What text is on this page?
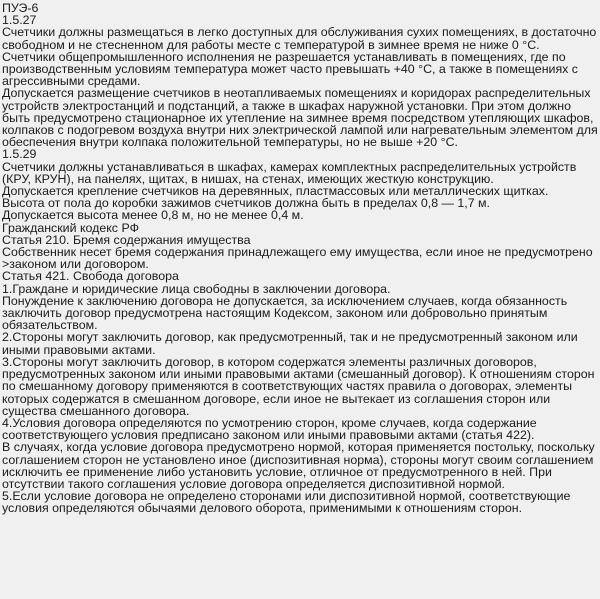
ПУЭ-6

1.5.27

Счетчики должны размещаться в легко доступных для обслуживания сухих помещениях, в достаточно свободном и не стесненном для работы месте с температурой в зимнее время не ниже 0 °С.

Счетчики общепромышленного исполнения не разрешается устанавливать в помещениях, где по производственным условиям температура может часто превышать +40 °С, а также в помещениях с агрессивными средами.

Допускается размещение счетчиков в неотапливаемых помещениях и коридорах распределительных устройств электростанций и подстанций, а также в шкафах наружной установки. При этом должно быть предусмотрено стационарное их утепление на зимнее время посредством утепляющих шкафов, колпаков с подогревом воздуха внутри них электрической лампой или нагревательным элементом для обеспечения внутри колпака положительной температуры, но не выше +20 °С.

1.5.29

Счетчики должны устанавливаться в шкафах, камерах комплектных распределительных устройств (КРУ, КРУН), на панелях, щитах, в нишах, на стенах, имеющих жесткую конструкцию.

Допускается крепление счетчиков на деревянных, пластмассовых или металлических щитках.

Высота от пола до коробки зажимов счетчиков должна быть в пределах 0,8 — 1,7 м.

Допускается высота менее 0,8 м, но не менее 0,4 м.

Гражданский кодекс РФ

Статья 210. Бремя содержания имущества

Собственник несет бремя содержания принадлежащего ему имущества, если иное не предусмотрено >законом или договором.

Статья 421. Свобода договора

1.Граждане и юридические лица свободны в заключении договора.

Понуждение к заключению договора не допускается, за исключением случаев, когда обязанность заключить договор предусмотрена настоящим Кодексом, законом или добровольно принятым обязательством.

2.Стороны могут заключить договор, как предусмотренный, так и не предусмотренный законом или иными правовыми актами.

3.Стороны могут заключить договор, в котором содержатся элементы различных договоров, предусмотренных законом или иными правовыми актами (смешанный договор). К отношениям сторон по смешанному договору применяются в соответствующих частях правила о договорах, элементы которых содержатся в смешанном договоре, если иное не вытекает из соглашения сторон или существа смешанного договора.

4.Условия договора определяются по усмотрению сторон, кроме случаев, когда содержание соответствующего условия предписано законом или иными правовыми актами (статья 422).

В случаях, когда условие договора предусмотрено нормой, которая применяется постольку, поскольку соглашением сторон не установлено иное (диспозитивная норма), стороны могут своим соглашением исключить ее применение либо установить условие, отличное от предусмотренного в ней. При отсутствии такого соглашения условие договора определяется диспозитивной нормой.

5.Если условие договора не определено сторонами или диспозитивной нормой, соответствующие условия определяются обычаями делового оборота, применимыми к отношениям сторон.
